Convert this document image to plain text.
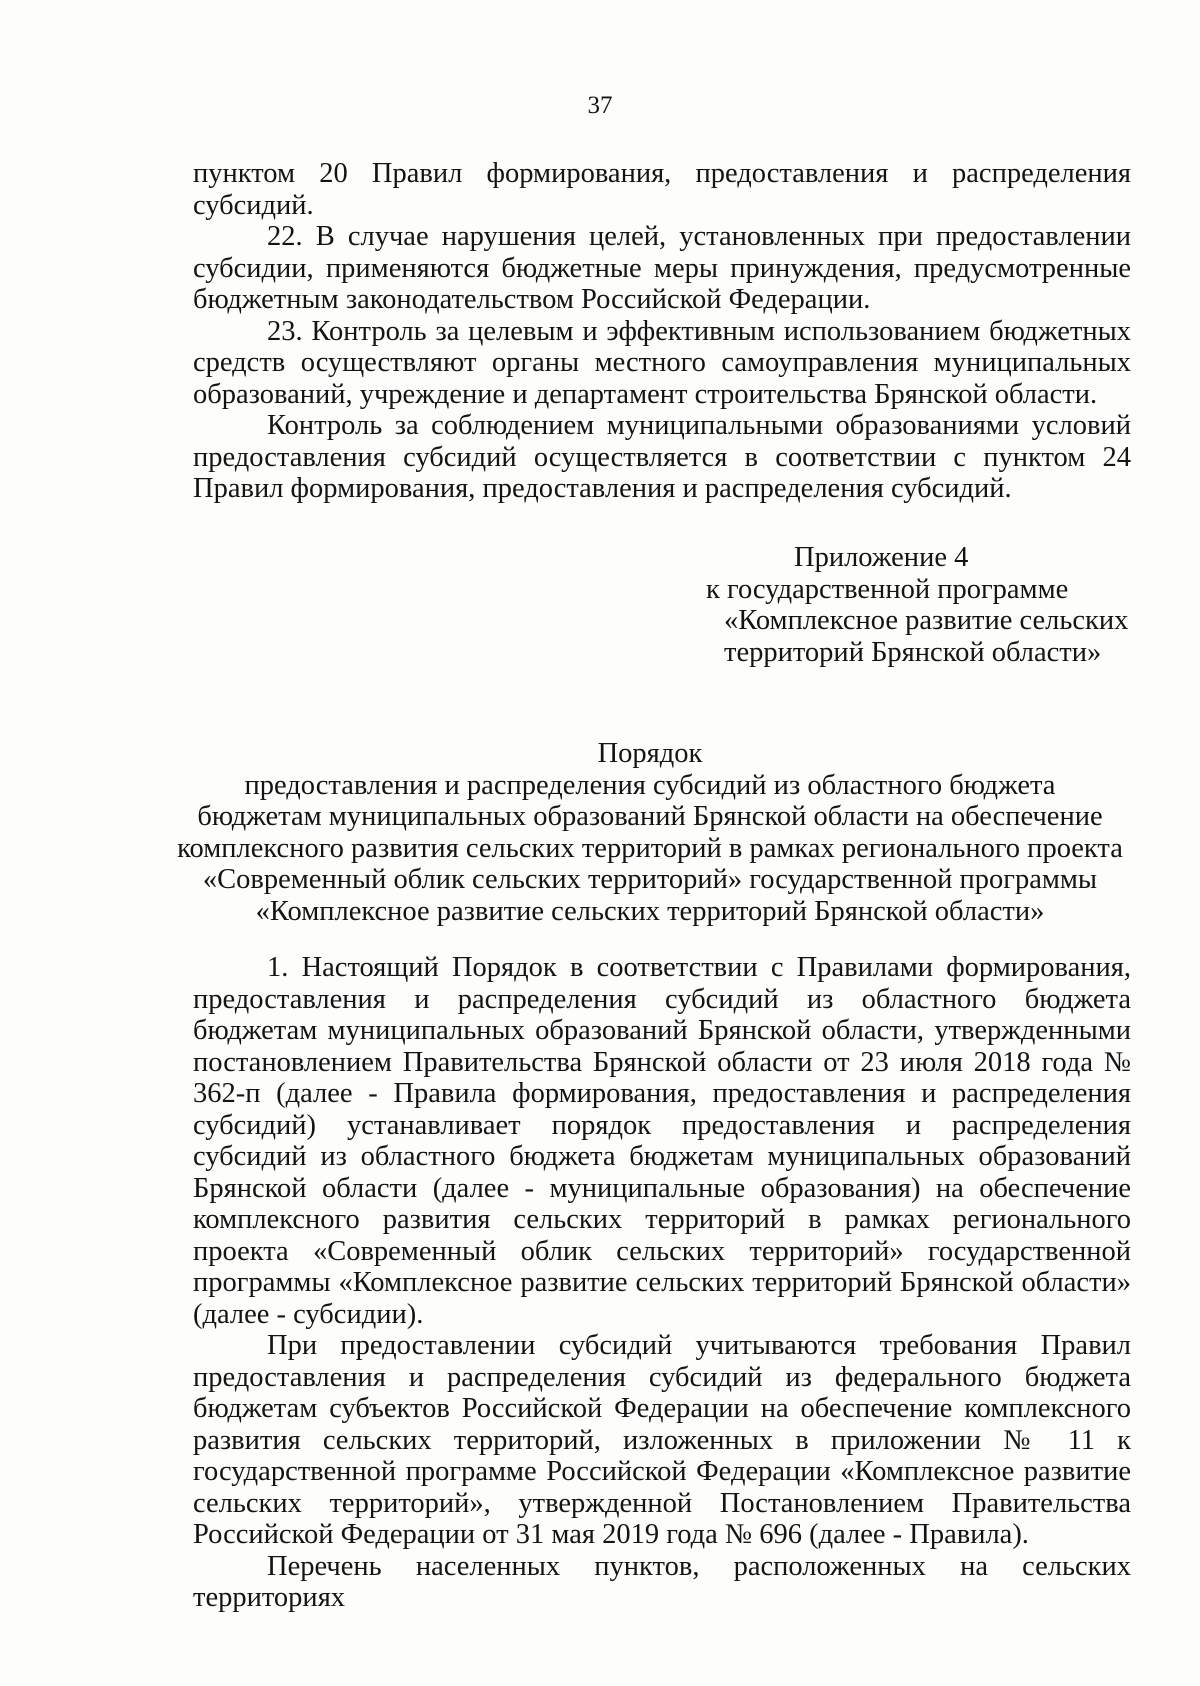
37

пунктом 20 Правил формирования, предоставления и распределения субсидий.

22. В случае нарушения целей, установленных при предоставлении субсидии, применяются бюджетные меры принуждения, предусмотренные бюджетным законодательством Российской Федерации.

23. Контроль за целевым и эффективным использованием бюджетных средств осуществляют органы местного самоуправления муниципальных образований, учреждение и департамент строительства Брянской области.

Контроль за соблюдением муниципальными образованиями условий предоставления субсидий осуществляется в соответствии с пунктом 24 Правил формирования, предоставления и распределения субсидий.

Приложение 4
к государственной программе
«Комплексное развитие сельских
территорий Брянской области»
Порядок
предоставления и распределения субсидий из областного бюджета
бюджетам муниципальных образований Брянской области на обеспечение
комплексного развития сельских территорий в рамках регионального проекта
«Современный облик сельских территорий» государственной программы
«Комплексное развитие сельских территорий Брянской области»

1. Настоящий Порядок в соответствии с Правилами формирования, предоставления и распределения субсидий из областного бюджета бюджетам муниципальных образований Брянской области, утвержденными постановлением Правительства Брянской области от 23 июля 2018 года № 362-п (далее - Правила формирования, предоставления и распределения субсидий) устанавливает порядок предоставления и распределения субсидий из областного бюджета бюджетам муниципальных образований Брянской области (далее - муниципальные образования) на обеспечение комплексного развития сельских территорий в рамках регионального проекта «Современный облик сельских территорий» государственной программы «Комплексное развитие сельских территорий Брянской области» (далее - субсидии).

При предоставлении субсидий учитываются требования Правил предоставления и распределения субсидий из федерального бюджета бюджетам субъектов Российской Федерации на обеспечение комплексного развития сельских территорий, изложенных в приложении № 11 к государственной программе Российской Федерации «Комплексное развитие сельских территорий», утвержденной Постановлением Правительства Российской Федерации от 31 мая 2019 года № 696 (далее - Правила).

Перечень населенных пунктов, расположенных на сельских территориях
